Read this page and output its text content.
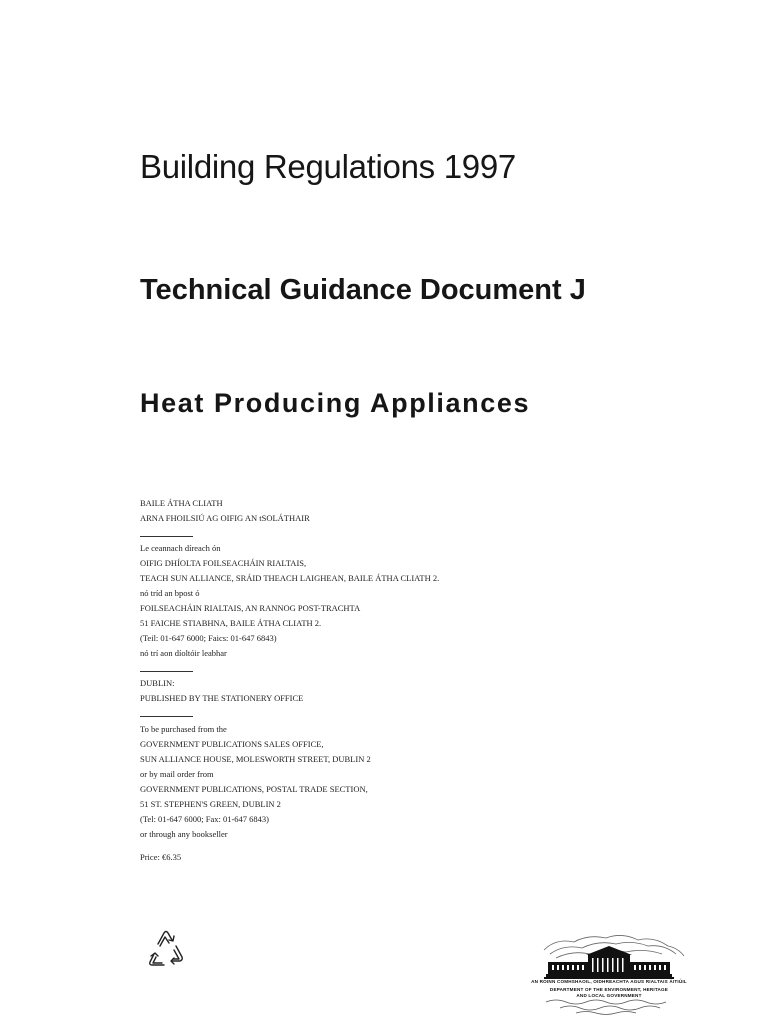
Building Regulations 1997
Technical Guidance Document J
Heat Producing Appliances
BAILE ÁTHA CLIATH
ARNA FHOILSIÚ AG OIFIG AN tSOLÁTHAIR
Le ceannach díreach ón
OIFIG DHÍOLTA FOILSEACHÁIN RIALTAIS,
TEACH SUN ALLIANCE, SRÁID THEACH LAIGHEAN, BAILE ÁTHA CLIATH 2.
nó tríd an bpost ó
FOILSEACHÁIN RIALTAIS, AN RANNOG POST-TRACHTA
51 FAICHE STIABHNA, BAILE ÁTHA CLIATH 2.
(Teil: 01-647 6000; Faics: 01-647 6843)
nó trí aon díoltóir leabhar
DUBLIN:
PUBLISHED BY THE STATIONERY OFFICE
To be purchased from the
GOVERNMENT PUBLICATIONS SALES OFFICE,
SUN ALLIANCE HOUSE, MOLESWORTH STREET, DUBLIN 2
or by mail order from
GOVERNMENT PUBLICATIONS, POSTAL TRADE SECTION,
51 ST. STEPHEN'S GREEN, DUBLIN 2
(Tel: 01-647 6000; Fax: 01-647 6843)
or through any bookseller
Price: €6.35
AN ROINN COMHSHAOIL, OIDHREACHTA AGUS RIALTAIS ÁITIÚIL
DEPARTMENT OF THE ENVIRONMENT, HERITAGE
AND LOCAL GOVERNMENT
